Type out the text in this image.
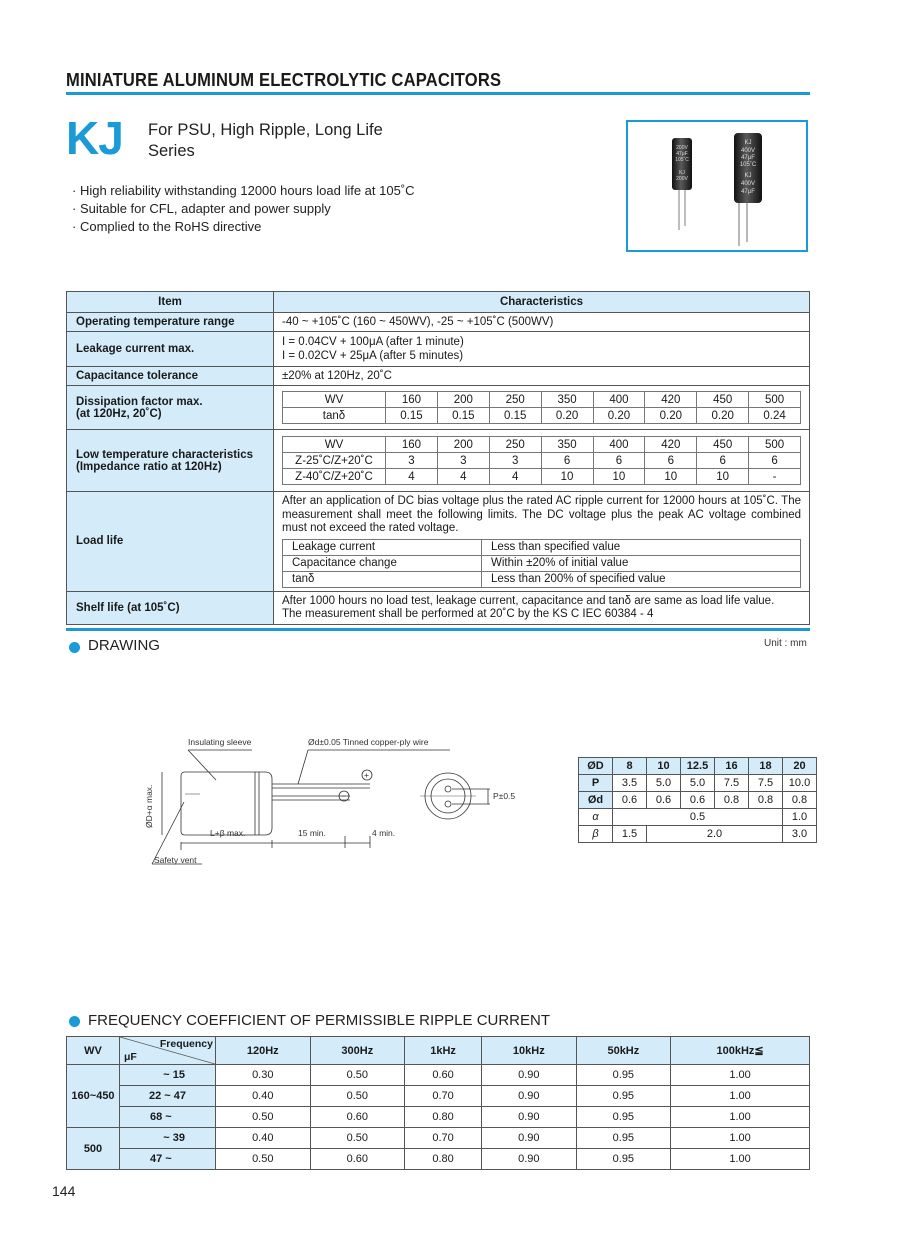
MINIATURE ALUMINUM ELECTROLYTIC CAPACITORS
KJ For PSU, High Ripple, Long Life
Series
· High reliability withstanding 12000 hours load life at 105˚C
· Suitable for CFL, adapter and power supply
· Complied to the RoHS directive
200V
47μF
105˚C
KJ
200V
KJ
400V
47μF
105˚C
KJ
400V
47μF
Item	Characteristics
Operating temperature range	-40 ~ +105˚C (160 ~ 450WV), -25 ~ +105˚C (500WV)
Leakage current max.	
I = 0.04CV + 100μA (after 1 minute)
I = 0.02CV + 25μA (after 5 minutes)

Capacitance tolerance	±20% at 120Hz, 20˚C

Dissipation factor max.
(at 120Hz, 20˚C)

WV	160	200	250	350	400	420	450	500
tanδ	0.15	0.15	0.15	0.20	0.20	0.20	0.20	0.24

Low temperature characteristics
(Impedance ratio at 120Hz)

WV	160	200	250	350	400	420	450	500
Z-25˚C/Z+20˚C	3	3	3	6	6	6	6	6
Z-40˚C/Z+20˚C	4	4	4	10	10	10	10	-

Load life	
After an application of DC bias voltage plus the rated AC ripple current for 12000 hours at 105˚C. The measurement shall meet the following limits. The DC voltage plus the peak AC voltage combined must not exceed the rated voltage.
Leakage current	Less than specified value
Capacitance change	Within ±20% of initial value
tanδ	Less than 200% of specified value

Shelf life (at 105˚C)	
After 1000 hours no load test, leakage current, capacitance and tanδ are same as load life value.
The measurement shall be performed at 20˚C by the KS C IEC 60384 - 4
DRAWING	Unit : mm
Insulating sleeve	Ød±0.05 Tinned copper-ply wire
ØD+α max.
L+β max.	15 min.	4 min.
Safety vent
P±0.5
+
−
ØD	8	10	12.5	16	18	20
P	3.5	5.0	5.0	7.5	7.5	10.0
Ød	0.6	0.6	0.6	0.8	0.8	0.8
α	0.5					1.0
β	1.5	2.0				3.0
FREQUENCY COEFFICIENT OF PERMISSIBLE RIPPLE CURRENT
WV	Frequency
μF	120Hz	300Hz	1kHz	10kHz	50kHz	100kHz≦
160~450	~ 15	0.30	0.50	0.60	0.90	0.95	1.00
	22 ~ 47	0.40	0.50	0.70	0.90	0.95	1.00
	68 ~	0.50	0.60	0.80	0.90	0.95	1.00
500	~ 39	0.40	0.50	0.70	0.90	0.95	1.00
	47 ~	0.50	0.60	0.80	0.90	0.95	1.00
144
